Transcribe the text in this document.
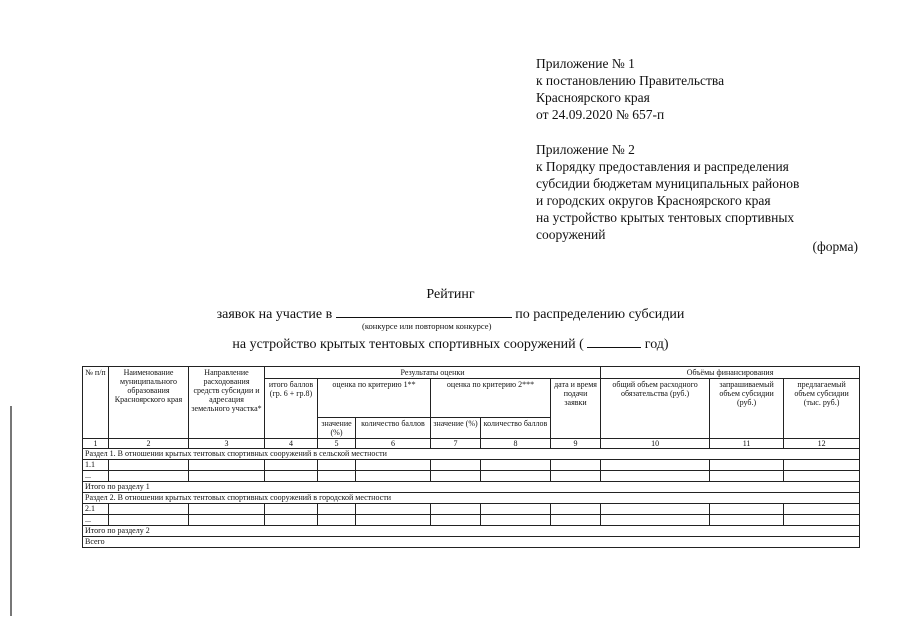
Приложение № 1
к постановлению Правительства
Красноярского края
от 24.09.2020 № 657-п
Приложение № 2
к Порядку предоставления и распределения
субсидии бюджетам муниципальных районов
и городских округов Красноярского края
на устройство крытых тентовых спортивных
сооружений
(форма)
Рейтинг
заявок на участие в	по распределению субсидии
(конкурсе или повторном конкурсе)
на устройство крытых тентовых спортивных сооружений (	год)
№ п/п	Наименование муниципального образования Красноярского края	Направление расходования средств субсидии и адресация земельного участка*	Результаты оценки						Объёмы финансирования		
			итого баллов (гр. 6 + гр.8)	оценка по критерию 1**		оценка по критерию 2***		дата и время подачи заявки	общий объем расходного обязательства (руб.)	запрашиваемый объем субсидии (руб.)	предлагаемый объем субсидии (тыс. руб.)
				значение (%)	количество баллов	значение (%)	количество баллов				
1	2	3	4	5	6	7	8	9	10	11	12
Раздел 1. В отношении крытых тентовых спортивных сооружений в сельской местности											
1.1											
...											
Итого по разделу 1											
Раздел 2. В отношении крытых тентовых спортивных сооружений в городской местности											
2.1											
...											
Итого по разделу 2											
Всего											
